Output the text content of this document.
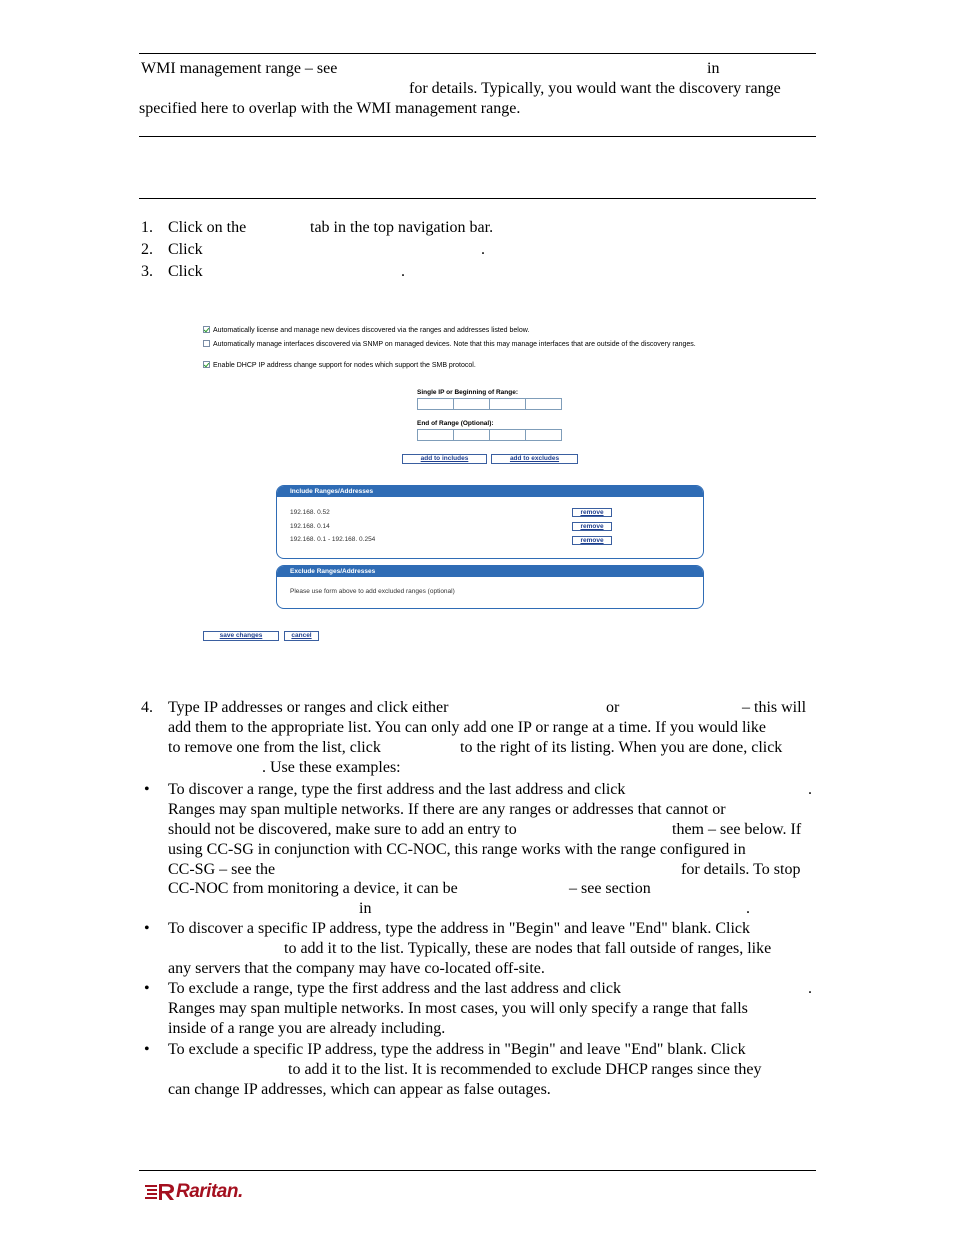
WMI management range – see	in
for details. Typically, you would want the discovery range
specified here to overlap with the WMI management range.
1. Click on the	tab in the top navigation bar.
2. Click	.
3. Click	.
Automatically license and manage new devices discovered via the ranges and addresses listed below.
Automatically manage interfaces discovered via SNMP on managed devices. Note that this may manage interfaces that are outside of the discovery ranges.
Enable DHCP IP address change support for nodes which support the SMB protocol.
Single IP or Beginning of Range:
End of Range (Optional):
add to includes	add to excludes
Include Ranges/Addresses
192.168. 0.52	remove
192.168. 0.14	remove
192.168. 0.1 - 192.168. 0.254	remove
Exclude Ranges/Addresses
Please use form above to add excluded ranges (optional)
save changes	cancel
4. Type IP addresses or ranges and click either	or	– this will
add them to the appropriate list. You can only add one IP or range at a time. If you would like
to remove one from the list, click	to the right of its listing. When you are done, click
. Use these examples:
• To discover a range, type the first address and the last address and click	.
Ranges may span multiple networks. If there are any ranges or addresses that cannot or
should not be discovered, make sure to add an entry to	them – see below. If
using CC-SG in conjunction with CC-NOC, this range works with the range configured in
CC-SG – see the	for details. To stop
CC-NOC from monitoring a device, it can be	– see section
in	.
• To discover a specific IP address, type the address in "Begin" and leave "End" blank. Click
to add it to the list. Typically, these are nodes that fall outside of ranges, like
any servers that the company may have co-located off-site.
• To exclude a range, type the first address and the last address and click	.
Ranges may span multiple networks. In most cases, you will only specify a range that falls
inside of a range you are already including.
• To exclude a specific IP address, type the address in "Begin" and leave "End" blank. Click
to add it to the list. It is recommended to exclude DHCP ranges since they
can change IP addresses, which can appear as false outages.
Raritan.
